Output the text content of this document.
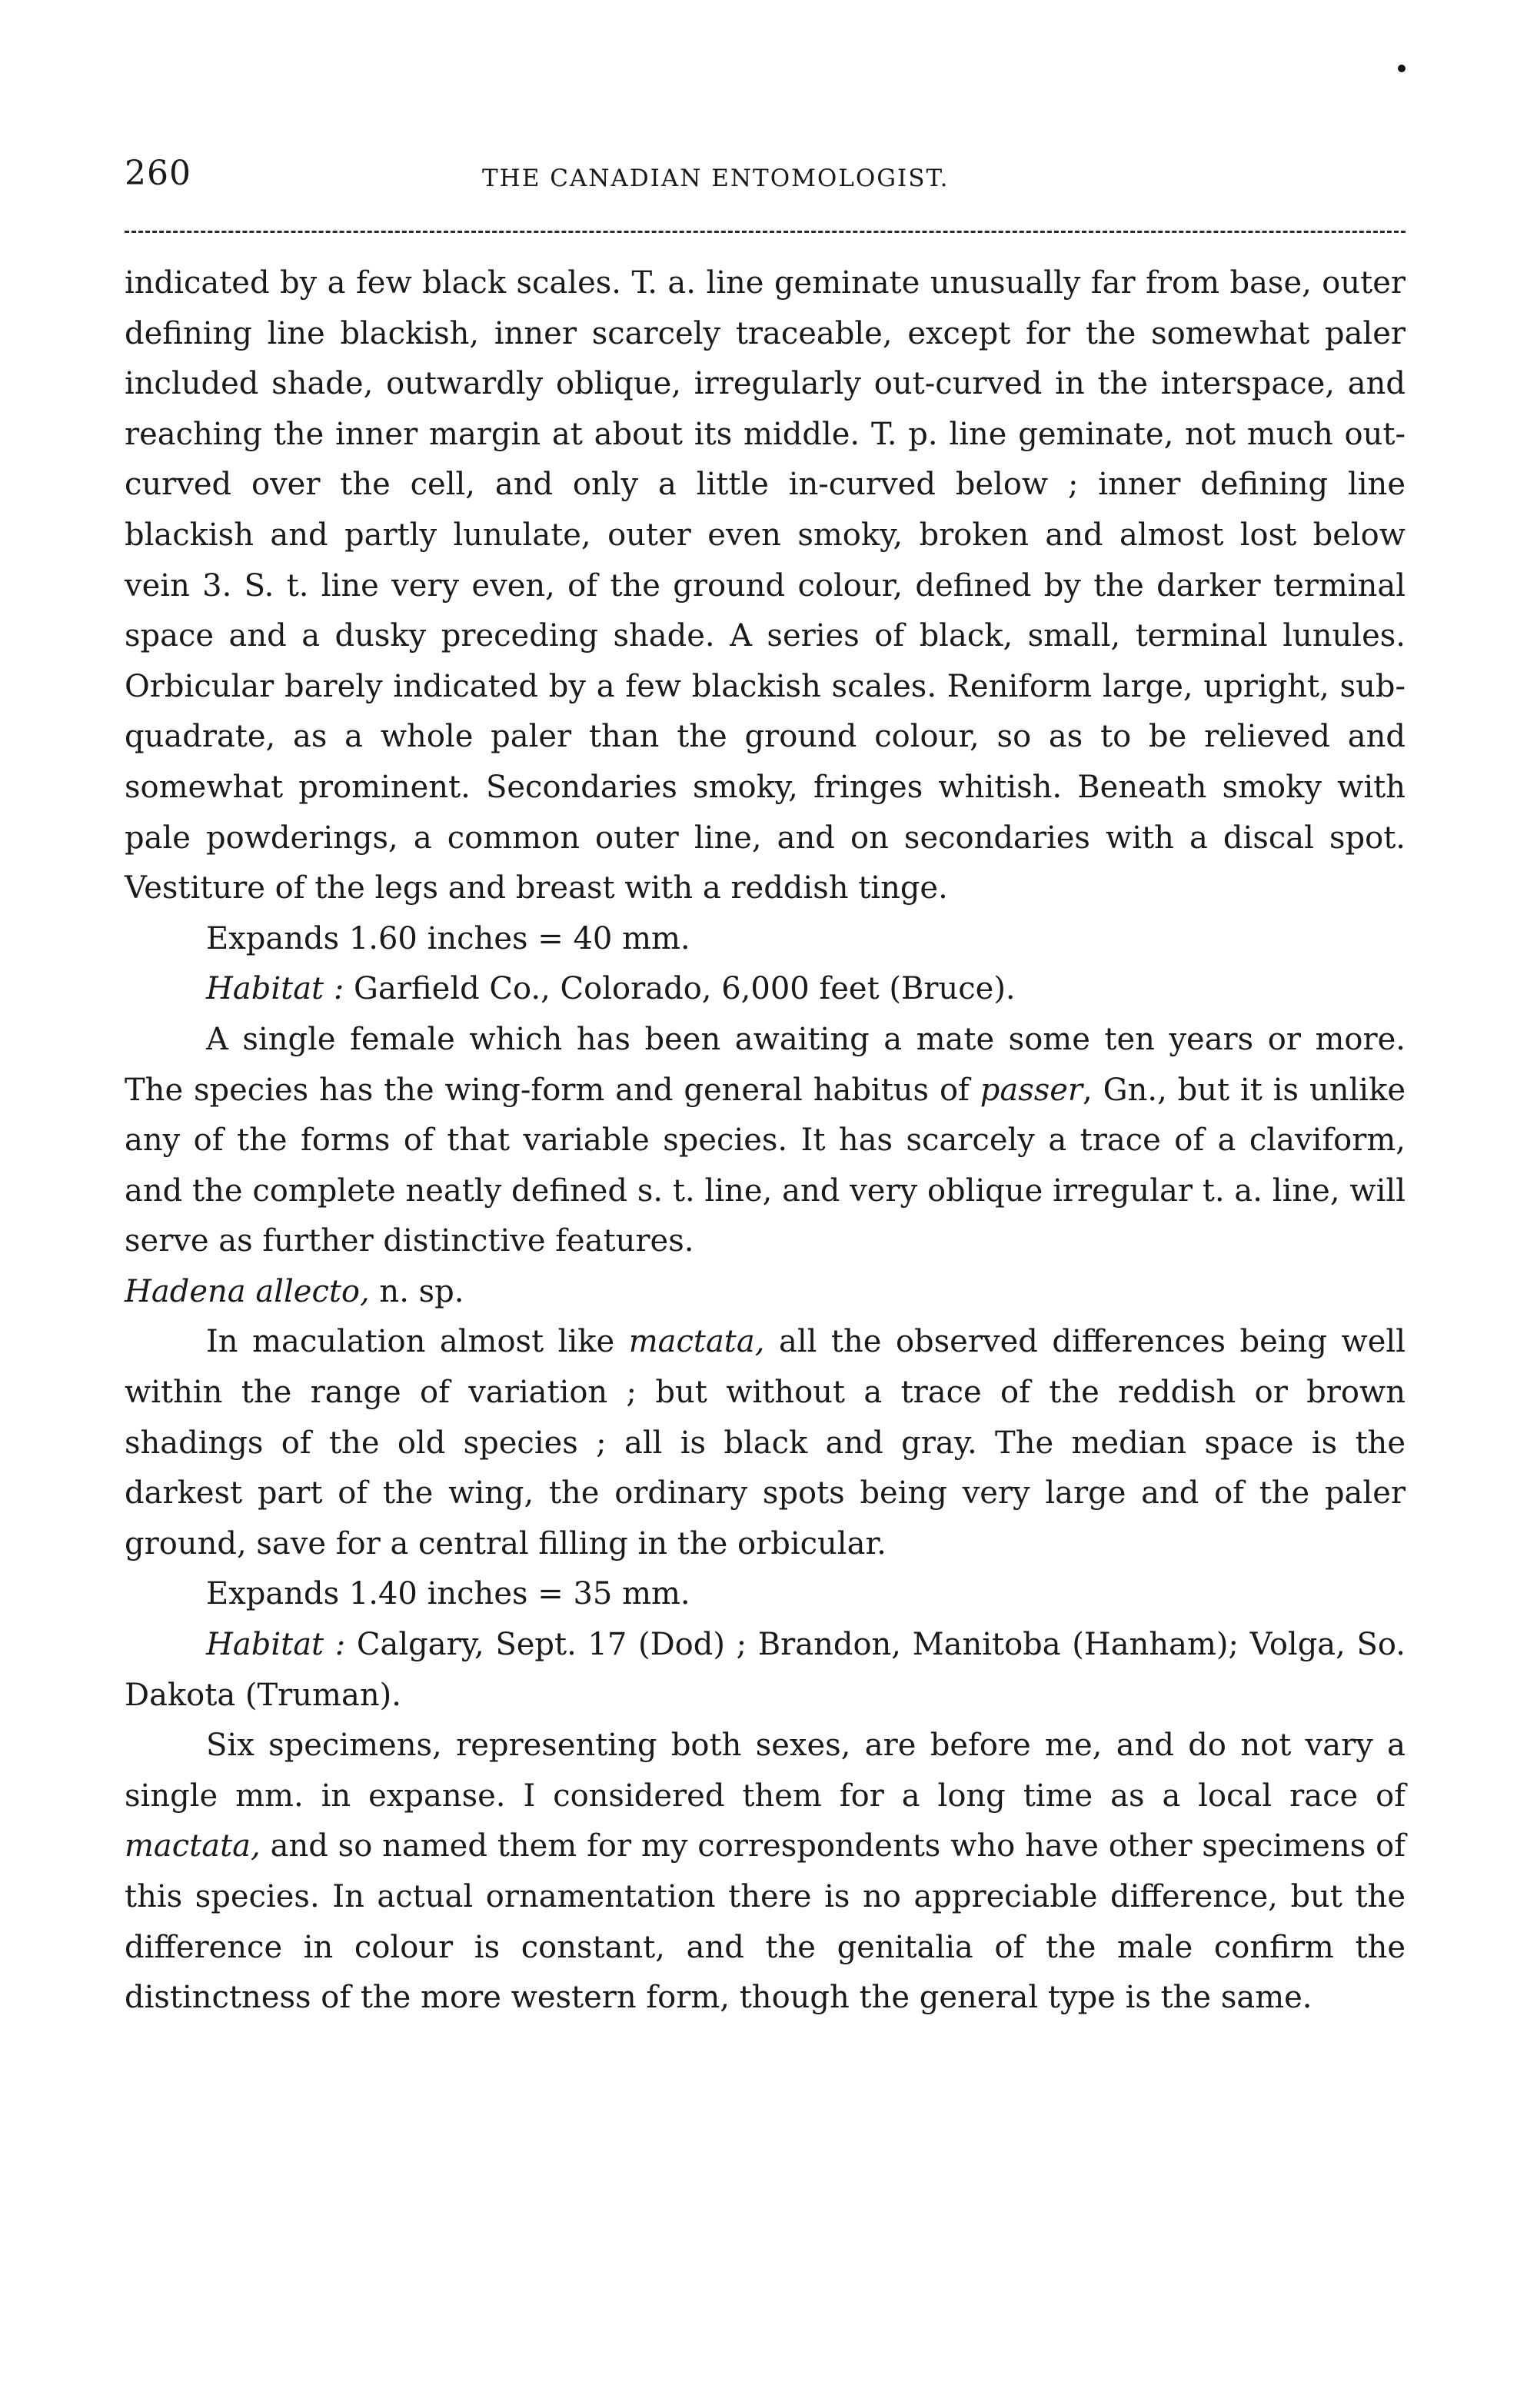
260	THE CANADIAN ENTOMOLOGIST.

indicated by a few black scales. T. a. line geminate unusually far from base, outer defining line blackish, inner scarcely traceable, except for the somewhat paler included shade, outwardly oblique, irregularly out-curved in the interspace, and reaching the inner margin at about its middle. T. p. line geminate, not much out-curved over the cell, and only a little in-curved below ; inner defining line blackish and partly lunulate, outer even smoky, broken and almost lost below vein 3. S. t. line very even, of the ground colour, defined by the darker terminal space and a dusky preceding shade. A series of black, small, terminal lunules. Orbicular barely indicated by a few blackish scales. Reniform large, upright, sub-quadrate, as a whole paler than the ground colour, so as to be relieved and somewhat prominent. Secondaries smoky, fringes whitish. Beneath smoky with pale powderings, a common outer line, and on secondaries with a discal spot. Vestiture of the legs and breast with a reddish tinge.

Expands 1.60 inches = 40 mm.

Habitat : Garfield Co., Colorado, 6,000 feet (Bruce).

A single female which has been awaiting a mate some ten years or more. The species has the wing-form and general habitus of passer, Gn., but it is unlike any of the forms of that variable species. It has scarcely a trace of a claviform, and the complete neatly defined s. t. line, and very oblique irregular t. a. line, will serve as further distinctive features.

Hadena allecto, n. sp.

In maculation almost like mactata, all the observed differences being well within the range of variation ; but without a trace of the reddish or brown shadings of the old species ; all is black and gray. The median space is the darkest part of the wing, the ordinary spots being very large and of the paler ground, save for a central filling in the orbicular.

Expands 1.40 inches = 35 mm.

Habitat : Calgary, Sept. 17 (Dod) ; Brandon, Manitoba (Hanham); Volga, So. Dakota (Truman).

Six specimens, representing both sexes, are before me, and do not vary a single mm. in expanse. I considered them for a long time as a local race of mactata, and so named them for my correspondents who have other specimens of this species. In actual ornamentation there is no appreciable difference, but the difference in colour is constant, and the genitalia of the male confirm the distinctness of the more western form, though the general type is the same.
